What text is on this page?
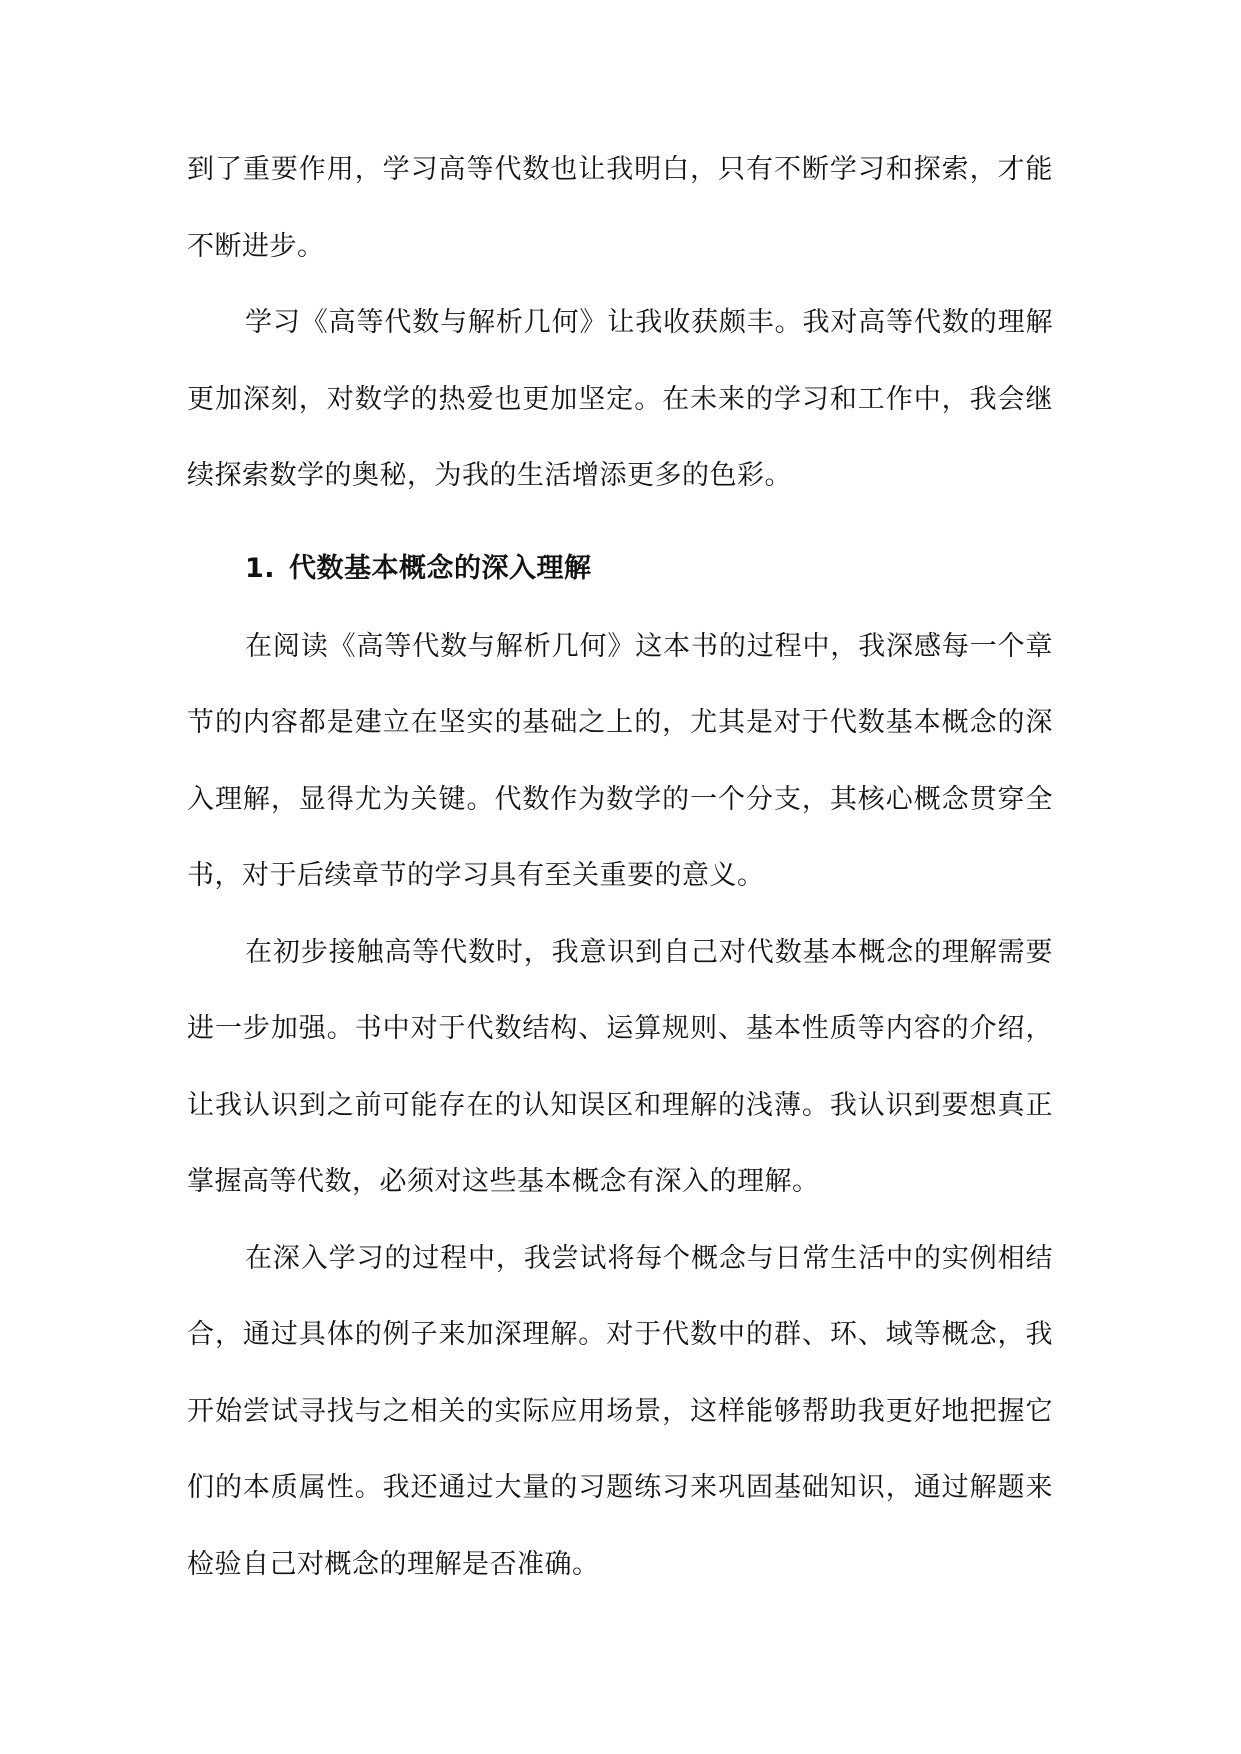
到了重要作用，学习高等代数也让我明白，只有不断学习和探索，才能不断进步。

学习《高等代数与解析几何》让我收获颇丰。我对高等代数的理解更加深刻，对数学的热爱也更加坚定。在未来的学习和工作中，我会继续探索数学的奥秘，为我的生活增添更多的色彩。

1. 代数基本概念的深入理解

在阅读《高等代数与解析几何》这本书的过程中，我深感每一个章节的内容都是建立在坚实的基础之上的，尤其是对于代数基本概念的深入理解，显得尤为关键。代数作为数学的一个分支，其核心概念贯穿全书，对于后续章节的学习具有至关重要的意义。

在初步接触高等代数时，我意识到自己对代数基本概念的理解需要进一步加强。书中对于代数结构、运算规则、基本性质等内容的介绍，让我认识到之前可能存在的认知误区和理解的浅薄。我认识到要想真正掌握高等代数，必须对这些基本概念有深入的理解。

在深入学习的过程中，我尝试将每个概念与日常生活中的实例相结合，通过具体的例子来加深理解。对于代数中的群、环、域等概念，我开始尝试寻找与之相关的实际应用场景，这样能够帮助我更好地把握它们的本质属性。我还通过大量的习题练习来巩固基础知识，通过解题来检验自己对概念的理解是否准确。
